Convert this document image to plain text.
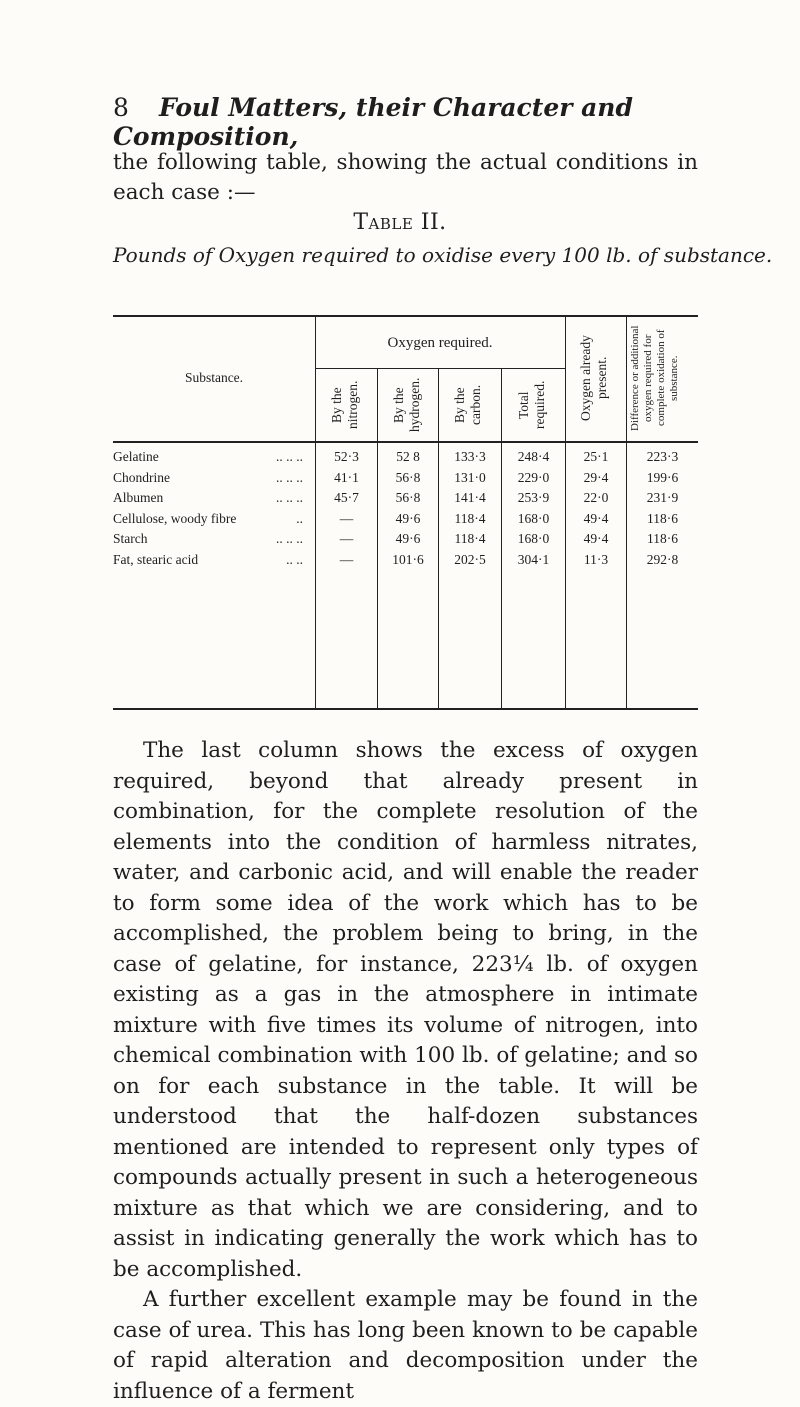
8 Foul Matters, their Character and Composition,
the following table, showing the actual conditions in each case :—
Table II.
Pounds of Oxygen required to oxidise every 100 lb. of substance.
Substance.
Oxygen required.
By the nitrogen. By the hydrogen. By the carbon. Total required. Oxygen already present.	Difference or additional oxygen required for complete oxidation of substance.
Gelatine	.. .. ..	52·3	52 8	133·3	248·4	25·1	223·3
Chondrine	.. .. ..	41·1	56·8	131·0	229·0	29·4	199·6
Albumen	.. .. ..	45·7	56·8	141·4	253·9	22·0	231·9
Cellulose, woody fibre	..	—	49·6	118·4	168·0	49·4	118·6
Starch	.. .. ..	—	49·6	118·4	168·0	49·4	118·6
Fat, stearic acid	.. ..	—	101·6	202·5	304·1	11·3	292·8

The last column shows the excess of oxygen required, beyond that already present in combination, for the complete resolution of the elements into the condition of harmless nitrates, water, and carbonic acid, and will enable the reader to form some idea of the work which has to be accomplished, the problem being to bring, in the case of gelatine, for instance, 223¼ lb. of oxygen existing as a gas in the atmosphere in intimate mixture with five times its volume of nitrogen, into chemical combination with 100 lb. of gelatine; and so on for each substance in the table. It will be understood that the half-dozen substances mentioned are intended to represent only types of compounds actually present in such a heterogeneous mixture as that which we are considering, and to assist in indicating generally the work which has to be accomplished.

A further excellent example may be found in the case of urea. This has long been known to be capable of rapid alteration and decomposition under the influence of a ferment
